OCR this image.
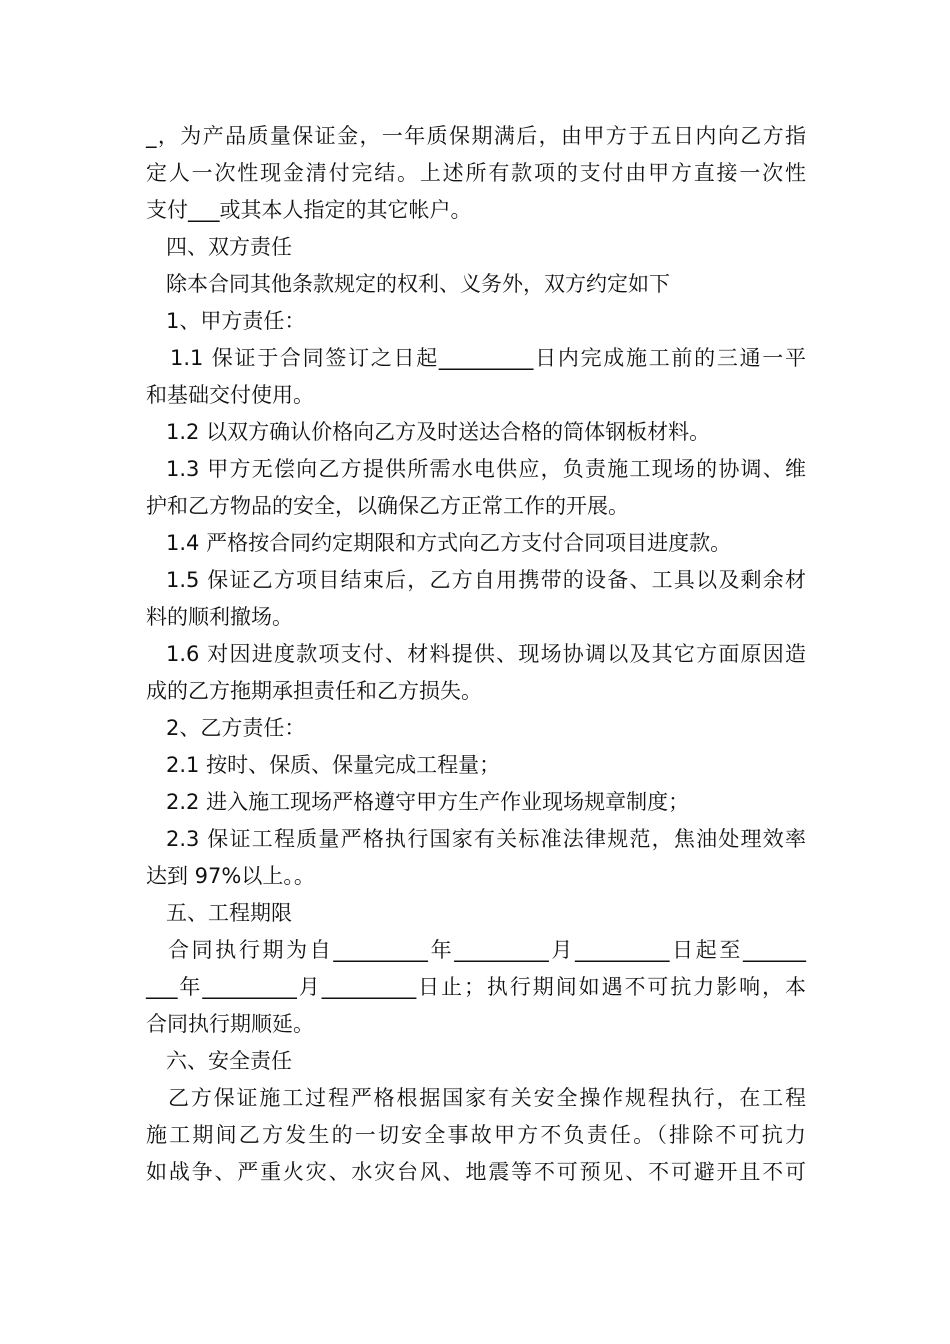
_，为产品质量保证金，一年质保期满后，由甲方于五日内向乙方指
定人一次性现金清付完结。上述所有款项的支付由甲方直接一次性
支付___或其本人指定的其它帐户。
四、双方责任
除本合同其他条款规定的权利、义务外，双方约定如下
1、甲方责任：
1.1 保证于合同签订之日起_________日内完成施工前的三通一平
和基础交付使用。
1.2 以双方确认价格向乙方及时送达合格的筒体钢板材料。
1.3 甲方无偿向乙方提供所需水电供应，负责施工现场的协调、维
护和乙方物品的安全，以确保乙方正常工作的开展。
1.4 严格按合同约定期限和方式向乙方支付合同项目进度款。
1.5 保证乙方项目结束后，乙方自用携带的设备、工具以及剩余材
料的顺利撤场。
1.6 对因进度款项支付、材料提供、现场协调以及其它方面原因造
成的乙方拖期承担责任和乙方损失。
2、乙方责任：
2.1 按时、保质、保量完成工程量；
2.2 进入施工现场严格遵守甲方生产作业现场规章制度；
2.3 保证工程质量严格执行国家有关标准法律规范，焦油处理效率
达到 97%以上。。
五、工程期限
合同执行期为自_________年_________月_________日起至______
___年_________月_________日止；执行期间如遇不可抗力影响，本
合同执行期顺延。
六、安全责任
乙方保证施工过程严格根据国家有关安全操作规程执行，在工程
施工期间乙方发生的一切安全事故甲方不负责任。（排除不可抗力
如战争、严重火灾、水灾台风、地震等不可预见、不可避开且不可
